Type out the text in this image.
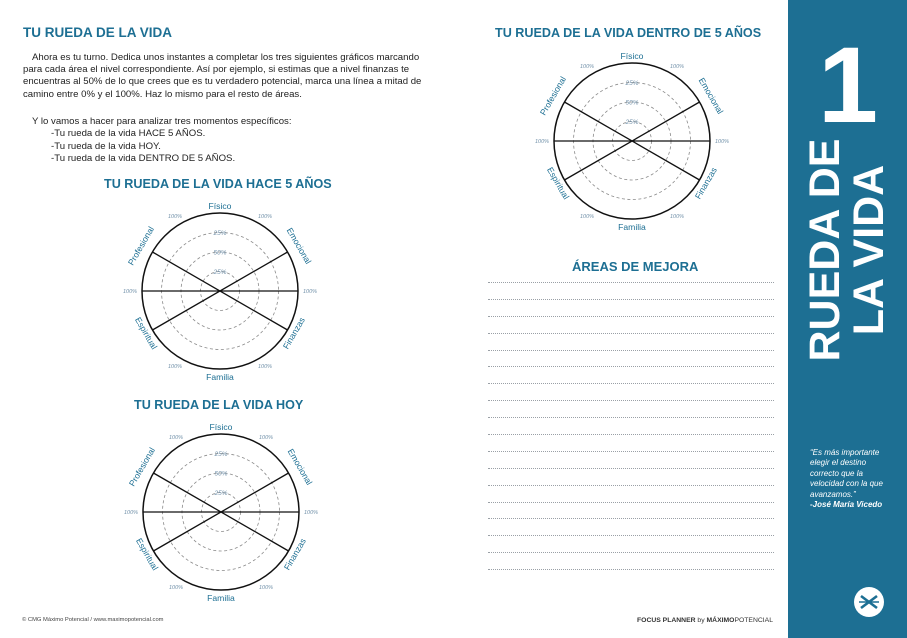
TU RUEDA DE LA VIDA

Ahora es tu turno. Dedica unos instantes a completar los tres siguientes gráficos marcando para cada área el nivel correspondiente. Así por ejemplo, si estimas que a nivel finanzas te encuentras al 50% de lo que crees que es tu verdadero potencial, marca una línea a mitad de camino entre 0% y el 100%. Haz lo mismo para el resto de áreas.

Y lo vamos a hacer para analizar tres momentos específicos:
-Tu rueda de la vida HACE 5 AÑOS.
-Tu rueda de la vida HOY.
-Tu rueda de la vida DENTRO DE 5 AÑOS.
TU RUEDA DE LA VIDA HACE 5 AÑOS
TU RUEDA DE LA VIDA HOY
TU RUEDA DE LA VIDA DENTRO DE 5 AÑOS
25%
50%
25%
100%	100%
100%	100%
100%	100%
Físico
Familia
Emocional
Finanzas
Profesional
Espiritual
25%
50%
25%
100%	100%
100%	100%
100%	100%
Físico
Familia
Emocional
Finanzas
Profesional
Espiritual
25%
50%
25%
100%	100%
100%	100%
100%	100%
Físico
Familia
Emocional
Finanzas
Profesional
Espiritual
ÁREAS DE MEJORA
1
RUEDA DE
LA VIDA
“Es más importante elegir el destino correcto que la velocidad con la que avanzamos.”
-José María Vicedo
© CMG Máximo Potencial / www.maximopotencial.com	FOCUS PLANNER by MÁXIMOPOTENCIAL
